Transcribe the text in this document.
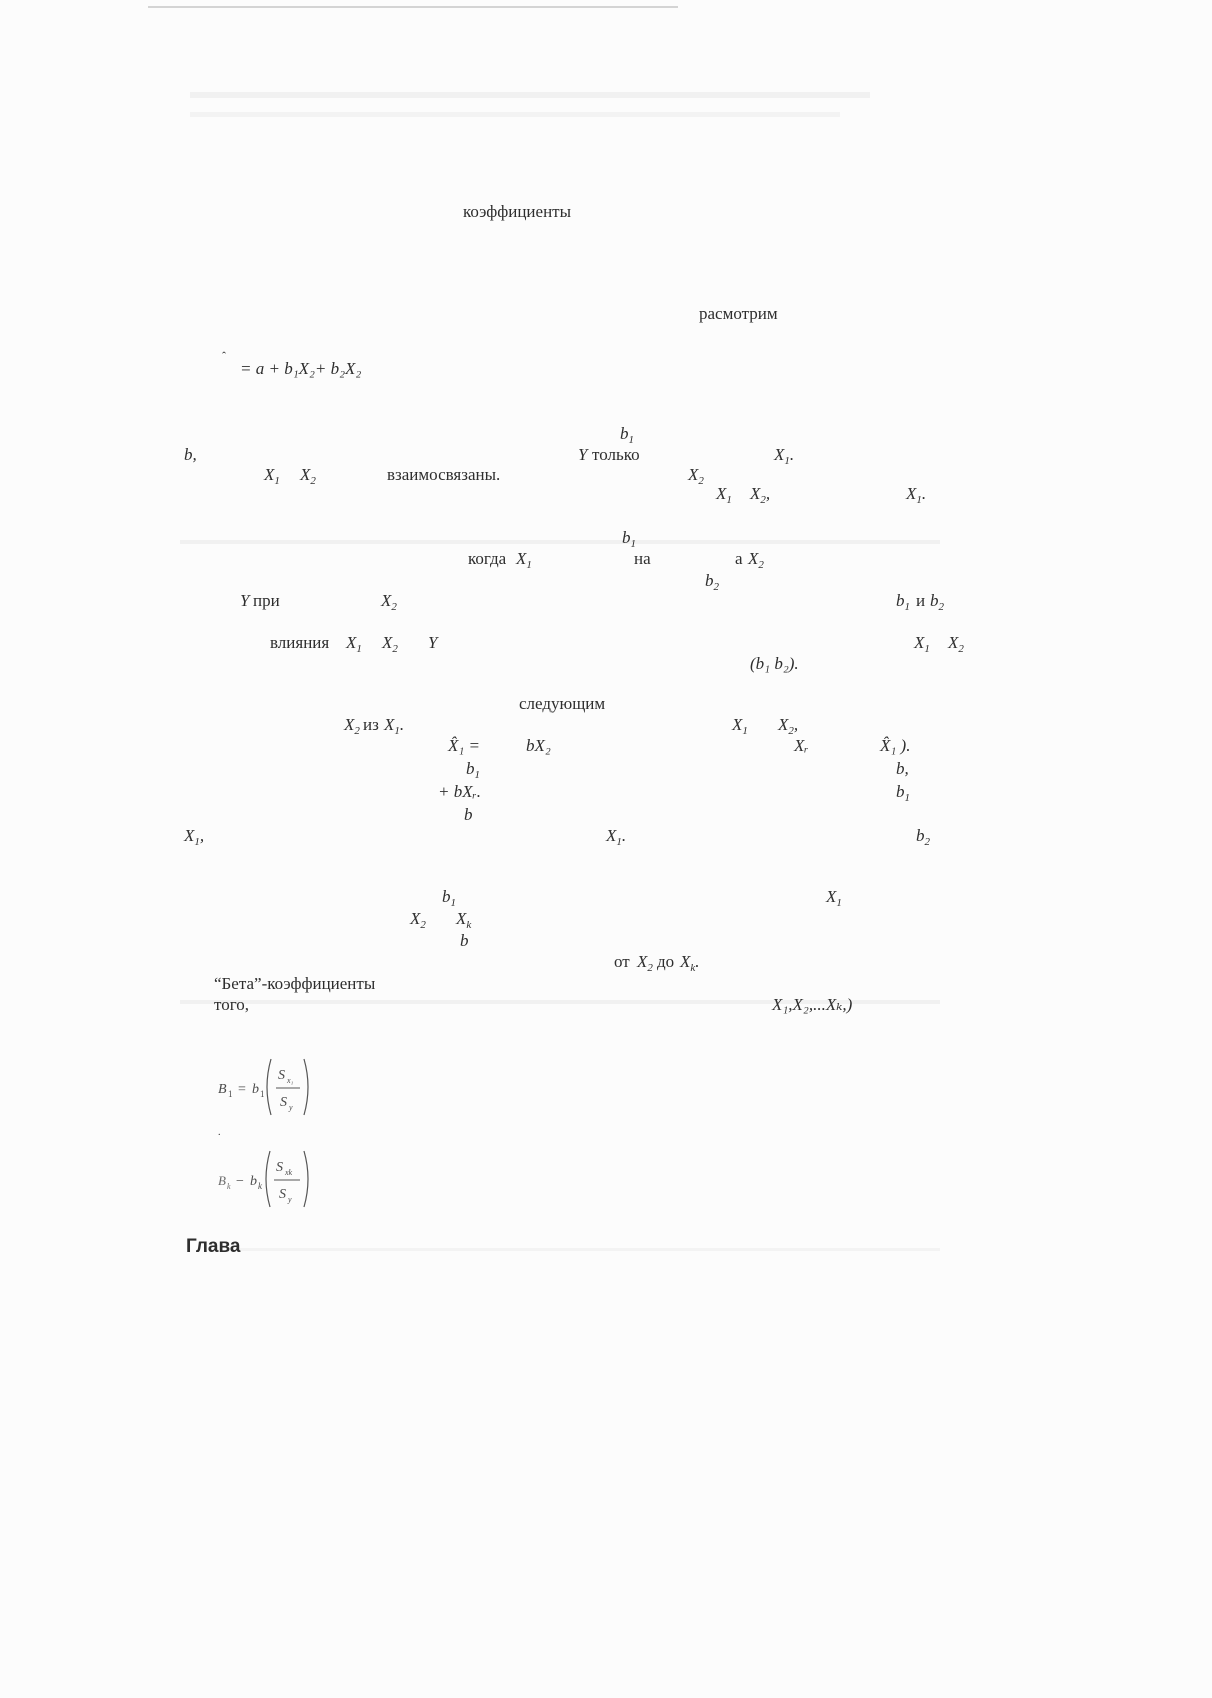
коэффициенты
расмотрим
ˆ
= a + b₁X₂+ b₂X₂
$b_1$
b,	Y только	$X_1$.
$X_1$ $X_2$	взаимосвязаны.	$X_2$
$X_1$ $X_2$,	$X_1$.
$b_1$
когда $X_1$	на	а $X_2$
$b_2$
Y при	$X_2$	$b_1$ и $b_2$
влияния $X_1$ $X_2$ Y	$X_1$ $X_2$
(b₁ b₂).
следующим
$X_2$ из $X_1$.	$X_1$ $X_2$,
X̂₁ =	bX₂	Xᵣ	X̂₁ ).
$b_1$	b,
+ bXᵣ.	$b_1$
b
$X_1$,	$X_1$.	$b_2$
$b_1$	$X_1$
$X_2$ $X_k$
b
от $X_2$ до $X_k$.
“Бета”-коэффициенты
того,	X₁,X₂,...Xₖ,)
B 1 = b 1
S x₁
S y
.
B k − b k
S xk
S y
Глава
